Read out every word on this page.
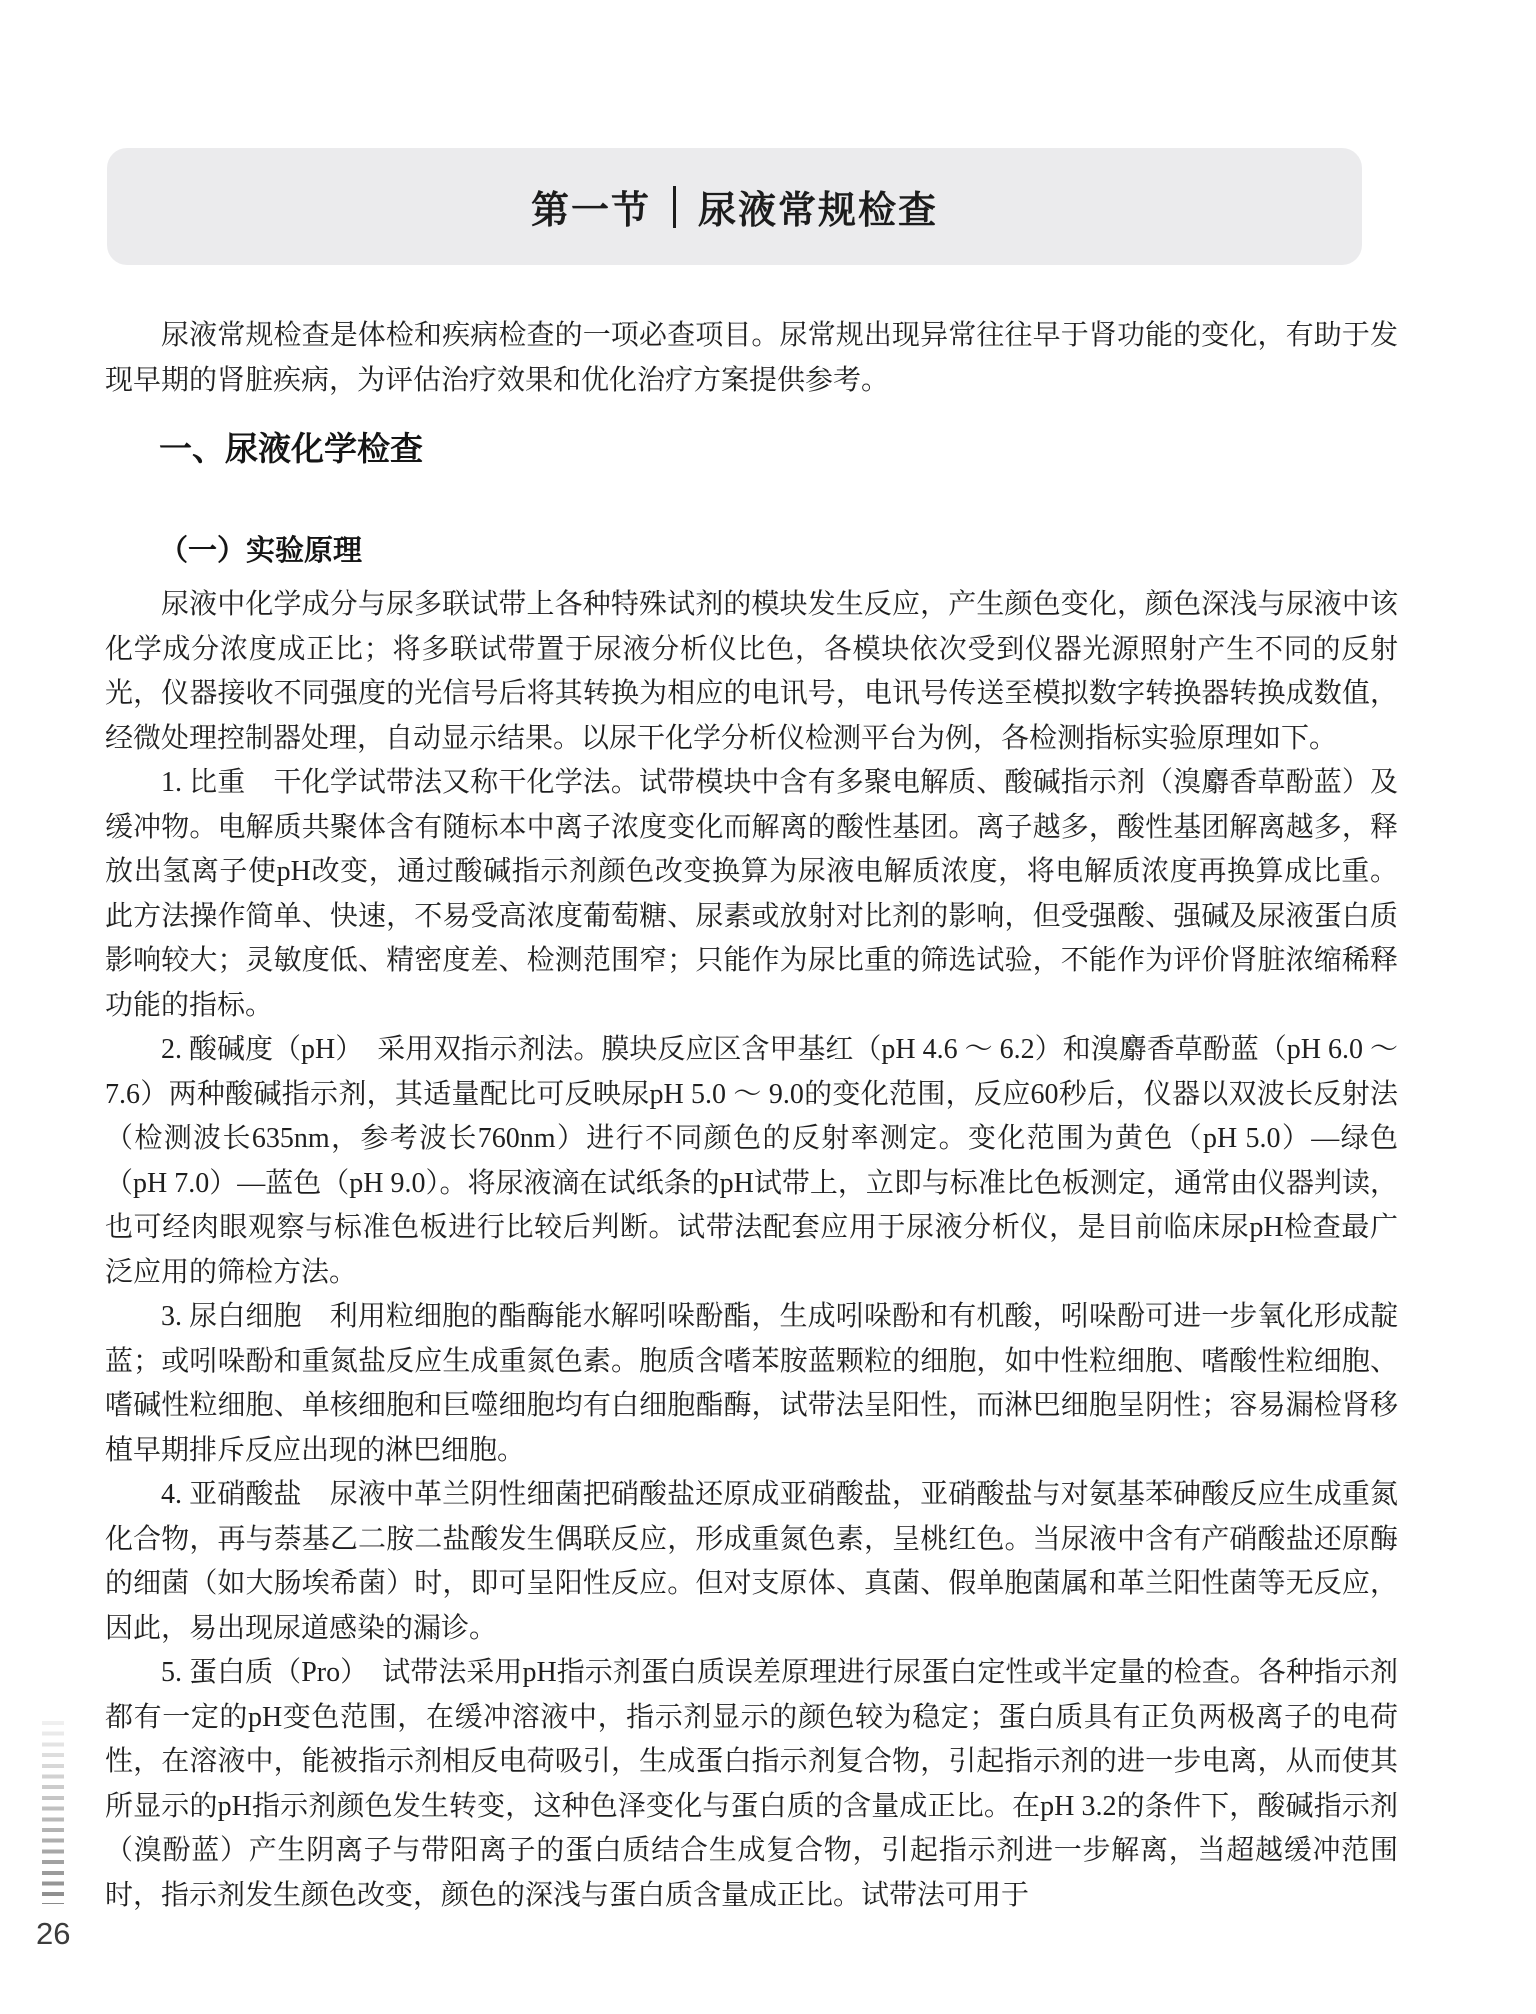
第一节 尿液常规检查

尿液常规检查是体检和疾病检查的一项必查项目。尿常规出现异常往往早于肾功能的变化，有助于发现早期的肾脏疾病，为评估治疗效果和优化治疗方案提供参考。

一、尿液化学检查
（一）实验原理

尿液中化学成分与尿多联试带上各种特殊试剂的模块发生反应，产生颜色变化，颜色深浅与尿液中该化学成分浓度成正比；将多联试带置于尿液分析仪比色，各模块依次受到仪器光源照射产生不同的反射光，仪器接收不同强度的光信号后将其转换为相应的电讯号，电讯号传送至模拟数字转换器转换成数值，经微处理控制器处理，自动显示结果。以尿干化学分析仪检测平台为例，各检测指标实验原理如下。

1. 比重　干化学试带法又称干化学法。试带模块中含有多聚电解质、酸碱指示剂（溴麝香草酚蓝）及缓冲物。电解质共聚体含有随标本中离子浓度变化而解离的酸性基团。离子越多，酸性基团解离越多，释放出氢离子使pH改变，通过酸碱指示剂颜色改变换算为尿液电解质浓度，将电解质浓度再换算成比重。此方法操作简单、快速，不易受高浓度葡萄糖、尿素或放射对比剂的影响，但受强酸、强碱及尿液蛋白质影响较大；灵敏度低、精密度差、检测范围窄；只能作为尿比重的筛选试验，不能作为评价肾脏浓缩稀释功能的指标。

2. 酸碱度（pH）　采用双指示剂法。膜块反应区含甲基红（pH 4.6 ～ 6.2）和溴麝香草酚蓝（pH 6.0 ～ 7.6）两种酸碱指示剂，其适量配比可反映尿pH 5.0 ～ 9.0的变化范围，反应60秒后，仪器以双波长反射法（检测波长635nm，参考波长760nm）进行不同颜色的反射率测定。变化范围为黄色（pH 5.0）—绿色（pH 7.0）—蓝色（pH 9.0）。将尿液滴在试纸条的pH试带上，立即与标准比色板测定，通常由仪器判读，也可经肉眼观察与标准色板进行比较后判断。试带法配套应用于尿液分析仪，是目前临床尿pH检查最广泛应用的筛检方法。

3. 尿白细胞　利用粒细胞的酯酶能水解吲哚酚酯，生成吲哚酚和有机酸，吲哚酚可进一步氧化形成靛蓝；或吲哚酚和重氮盐反应生成重氮色素。胞质含嗜苯胺蓝颗粒的细胞，如中性粒细胞、嗜酸性粒细胞、嗜碱性粒细胞、单核细胞和巨噬细胞均有白细胞酯酶，试带法呈阳性，而淋巴细胞呈阴性；容易漏检肾移植早期排斥反应出现的淋巴细胞。

4. 亚硝酸盐　尿液中革兰阴性细菌把硝酸盐还原成亚硝酸盐，亚硝酸盐与对氨基苯砷酸反应生成重氮化合物，再与萘基乙二胺二盐酸发生偶联反应，形成重氮色素，呈桃红色。当尿液中含有产硝酸盐还原酶的细菌（如大肠埃希菌）时，即可呈阳性反应。但对支原体、真菌、假单胞菌属和革兰阳性菌等无反应，因此，易出现尿道感染的漏诊。

5. 蛋白质（Pro）　试带法采用pH指示剂蛋白质误差原理进行尿蛋白定性或半定量的检查。各种指示剂都有一定的pH变色范围，在缓冲溶液中，指示剂显示的颜色较为稳定；蛋白质具有正负两极离子的电荷性，在溶液中，能被指示剂相反电荷吸引，生成蛋白指示剂复合物，引起指示剂的进一步电离，从而使其所显示的pH指示剂颜色发生转变，这种色泽变化与蛋白质的含量成正比。在pH 3.2的条件下，酸碱指示剂（溴酚蓝）产生阴离子与带阳离子的蛋白质结合生成复合物，引起指示剂进一步解离，当超越缓冲范围时，指示剂发生颜色改变，颜色的深浅与蛋白质含量成正比。试带法可用于

26
